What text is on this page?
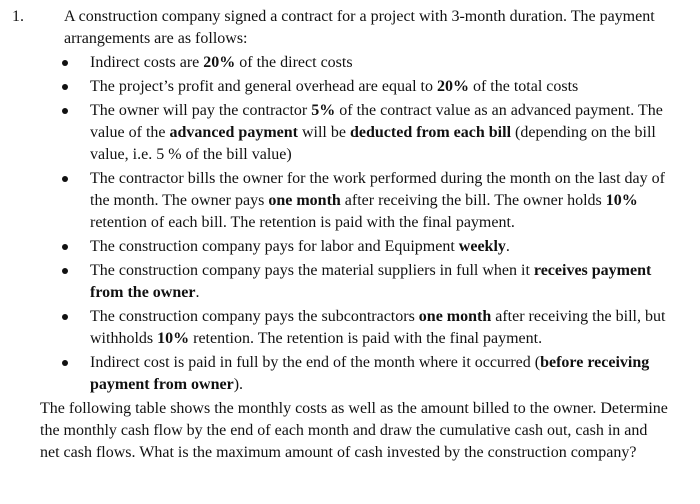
1.	A construction company signed a contract for a project with 3-month duration. The payment arrangements are as follows:
Indirect costs are 20% of the direct costs
The project’s profit and general overhead are equal to 20% of the total costs
The owner will pay the contractor 5% of the contract value as an advanced payment. The value of the advanced payment will be deducted from each bill (depending on the bill value, i.e. 5 % of the bill value)
The contractor bills the owner for the work performed during the month on the last day of the month. The owner pays one month after receiving the bill. The owner holds 10% retention of each bill. The retention is paid with the final payment.
The construction company pays for labor and Equipment weekly.
The construction company pays the material suppliers in full when it receives payment from the owner.
The construction company pays the subcontractors one month after receiving the bill, but withholds 10% retention. The retention is paid with the final payment.
Indirect cost is paid in full by the end of the month where it occurred (before receiving payment from owner).
The following table shows the monthly costs as well as the amount billed to the owner. Determine the monthly cash flow by the end of each month and draw the cumulative cash out, cash in and net cash flows. What is the maximum amount of cash invested by the construction company?
